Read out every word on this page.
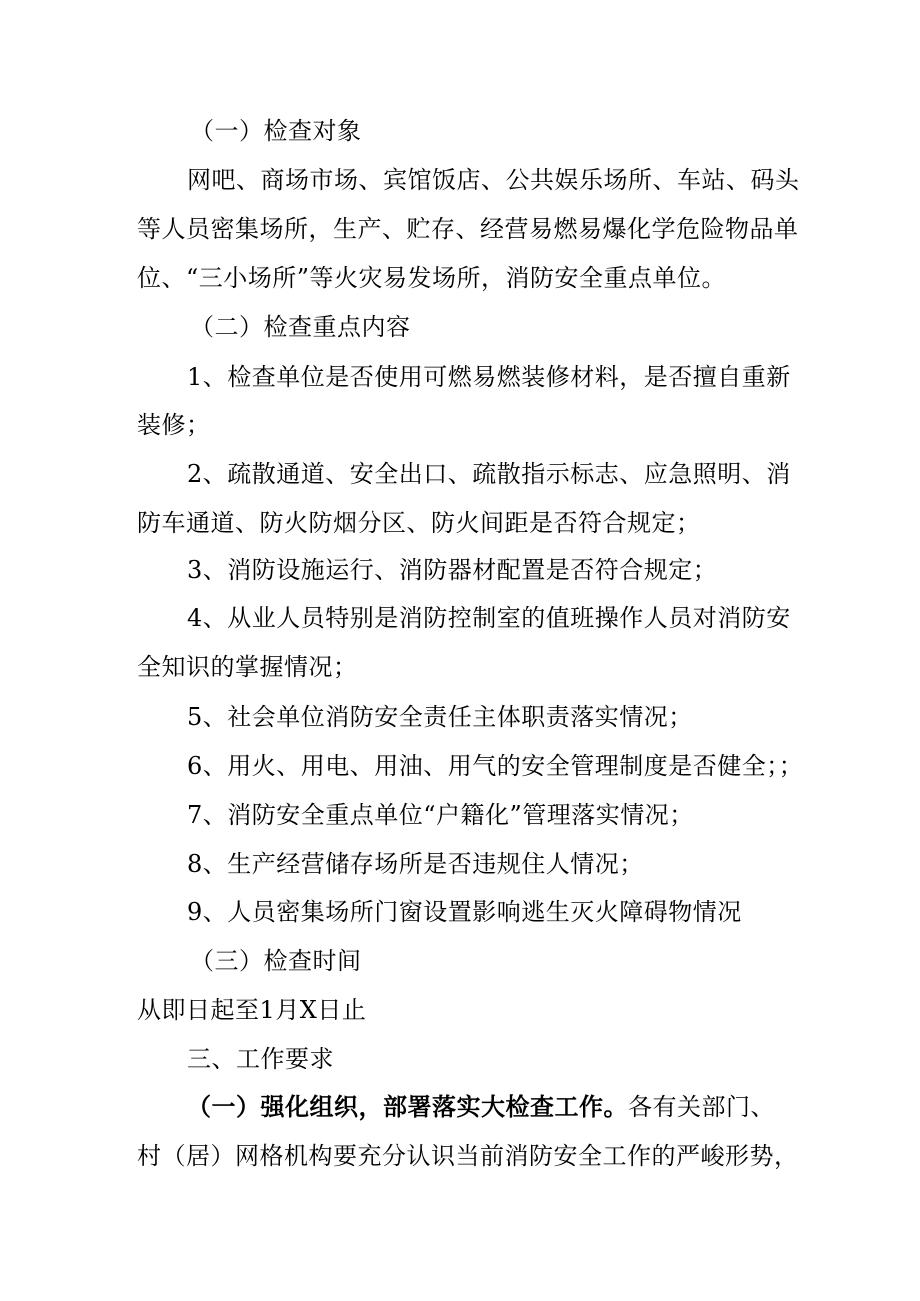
（一）检查对象
网吧、商场市场、宾馆饭店、公共娱乐场所、车站、码头
等人员密集场所，生产、贮存、经营易燃易爆化学危险物品单
位、“三小场所”等火灾易发场所，消防安全重点单位。
（二）检查重点内容
1、检查单位是否使用可燃易燃装修材料，是否擅自重新
装修；
2、疏散通道、安全出口、疏散指示标志、应急照明、消
防车通道、防火防烟分区、防火间距是否符合规定；
3、消防设施运行、消防器材配置是否符合规定；
4、从业人员特别是消防控制室的值班操作人员对消防安
全知识的掌握情况；
5、社会单位消防安全责任主体职责落实情况；
6、用火、用电、用油、用气的安全管理制度是否健全；；
7、消防安全重点单位“户籍化”管理落实情况；
8、生产经营储存场所是否违规住人情况；
9、人员密集场所门窗设置影响逃生灭火障碍物情况
（三）检查时间
从即日起至1月X日止
三、工作要求
（一）强化组织，部署落实大检查工作。各有关部门、
村（居）网格机构要充分认识当前消防安全工作的严峻形势，
